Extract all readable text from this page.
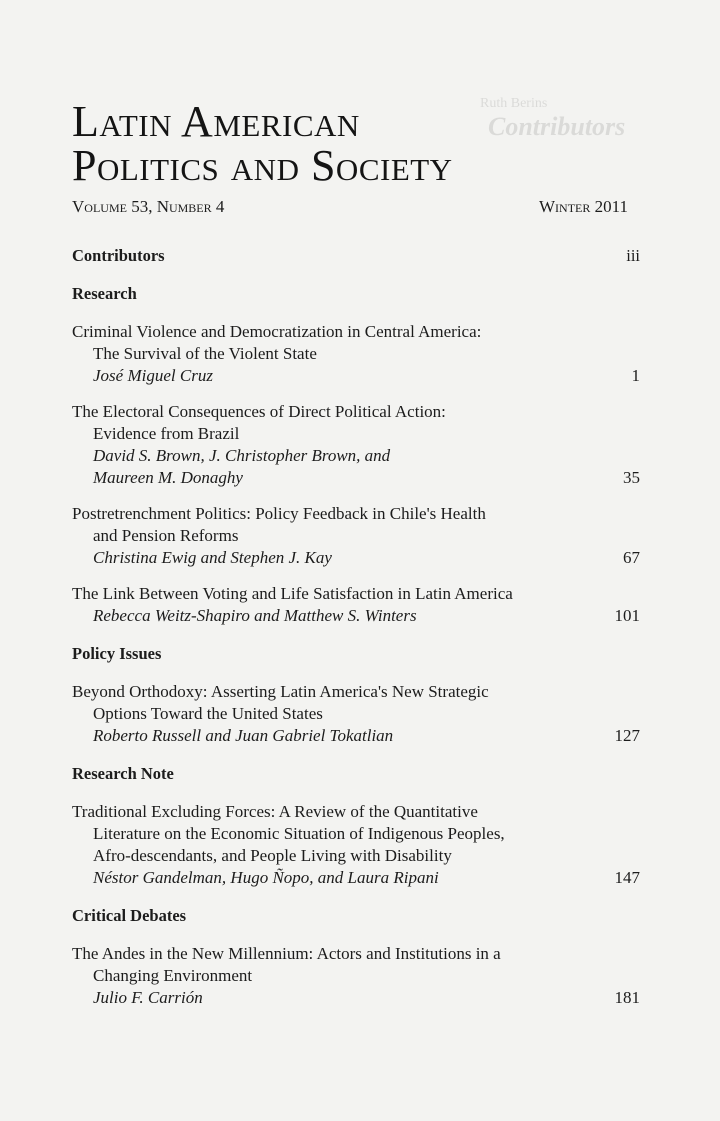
Ruth Berins
Contributors
Latin American
Politics and Society
Volume 53, Number 4	Winter 2011
Contributors	iii
Research
Criminal Violence and Democratization in Central America:
The Survival of the Violent State
José Miguel Cruz	1
The Electoral Consequences of Direct Political Action:
Evidence from Brazil
David S. Brown, J. Christopher Brown, and
Maureen M. Donaghy	35
Postretrenchment Politics: Policy Feedback in Chile's Health
and Pension Reforms
Christina Ewig and Stephen J. Kay	67
The Link Between Voting and Life Satisfaction in Latin America
Rebecca Weitz-Shapiro and Matthew S. Winters	101
Policy Issues
Beyond Orthodoxy: Asserting Latin America's New Strategic
Options Toward the United States
Roberto Russell and Juan Gabriel Tokatlian	127
Research Note
Traditional Excluding Forces: A Review of the Quantitative
Literature on the Economic Situation of Indigenous Peoples,
Afro-descendants, and People Living with Disability
Néstor Gandelman, Hugo Ñopo, and Laura Ripani	147
Critical Debates
The Andes in the New Millennium: Actors and Institutions in a
Changing Environment
Julio F. Carrión	181
